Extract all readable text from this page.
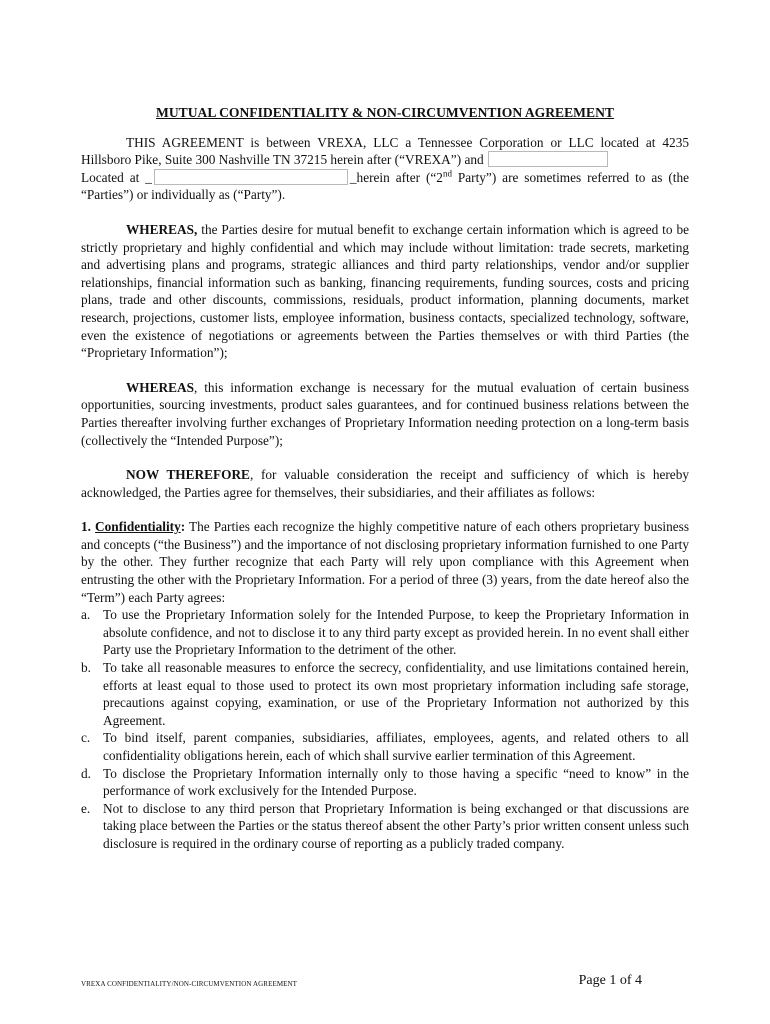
MUTUAL CONFIDENTIALITY & NON-CIRCUMVENTION AGREEMENT

THIS AGREEMENT is between VREXA, LLC a Tennessee Corporation or LLC located at 4235 Hillsboro Pike, Suite 300 Nashville TN 37215 herein after (“VREXA”) and
Located at _	_herein after (“2nd Party”) are sometimes referred to as (the “Parties”) or individually as (“Party”).

WHEREAS, the Parties desire for mutual benefit to exchange certain information which is agreed to be strictly proprietary and highly confidential and which may include without limitation: trade secrets, marketing and advertising plans and programs, strategic alliances and third party relationships, vendor and/or supplier relationships, financial information such as banking, financing requirements, funding sources, costs and pricing plans, trade and other discounts, commissions, residuals, product information, planning documents, market research, projections, customer lists, employee information, business contacts, specialized technology, software, even the existence of negotiations or agreements between the Parties themselves or with third Parties (the “Proprietary Information”);

WHEREAS, this information exchange is necessary for the mutual evaluation of certain business opportunities, sourcing investments, product sales guarantees, and for continued business relations between the Parties thereafter involving further exchanges of Proprietary Information needing protection on a long-term basis (collectively the “Intended Purpose”);

NOW THEREFORE, for valuable consideration the receipt and sufficiency of which is hereby acknowledged, the Parties agree for themselves, their subsidiaries, and their affiliates as follows:

1. Confidentiality: The Parties each recognize the highly competitive nature of each others proprietary business and concepts (“the Business”) and the importance of not disclosing proprietary information furnished to one Party by the other. They further recognize that each Party will rely upon compliance with this Agreement when entrusting the other with the Proprietary Information. For a period of three (3) years, from the date hereof also the “Term”) each Party agrees:

a. To use the Proprietary Information solely for the Intended Purpose, to keep the Proprietary Information in absolute confidence, and not to disclose it to any third party except as provided herein. In no event shall either Party use the Proprietary Information to the detriment of the other.
b. To take all reasonable measures to enforce the secrecy, confidentiality, and use limitations contained herein, efforts at least equal to those used to protect its own most proprietary information including safe storage, precautions against copying, examination, or use of the Proprietary Information not authorized by this Agreement.
c. To bind itself, parent companies, subsidiaries, affiliates, employees, agents, and related others to all confidentiality obligations herein, each of which shall survive earlier termination of this Agreement.
d. To disclose the Proprietary Information internally only to those having a specific “need to know” in the performance of work exclusively for the Intended Purpose.
e. Not to disclose to any third person that Proprietary Information is being exchanged or that discussions are taking place between the Parties or the status thereof absent the other Party’s prior written consent unless such disclosure is required in the ordinary course of reporting as a publicly traded company.
VREXA CONFIDENTIALITY/NON-CIRCUMVENTION AGREEMENT	Page 1 of 4
